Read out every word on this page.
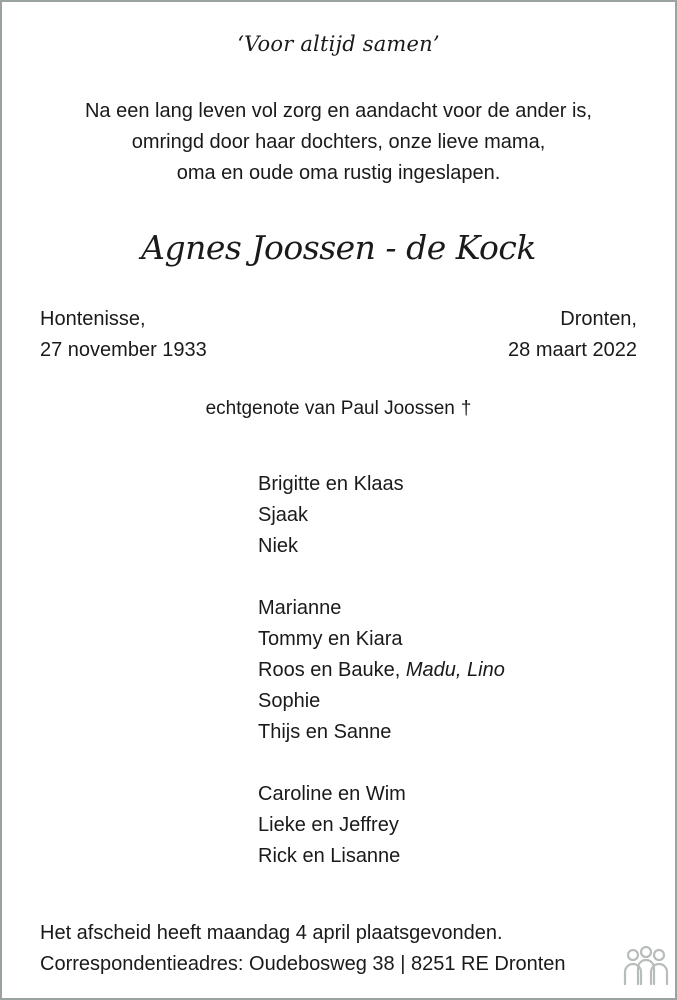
‘Voor altijd samen’
Na een lang leven vol zorg en aandacht voor de ander is,
omringd door haar dochters, onze lieve mama,
oma en oude oma rustig ingeslapen.
Agnes Joossen - de Kock
Hontenisse,
27 november 1933
Dronten,
28 maart 2022
echtgenote van Paul Joossen †
Brigitte en Klaas
Sjaak
Niek
Marianne
Tommy en Kiara
Roos en Bauke, Madu, Lino
Sophie
Thijs en Sanne
Caroline en Wim
Lieke en Jeffrey
Rick en Lisanne
Het afscheid heeft maandag 4 april plaatsgevonden.
Correspondentieadres: Oudebosweg 38 | 8251 RE Dronten
